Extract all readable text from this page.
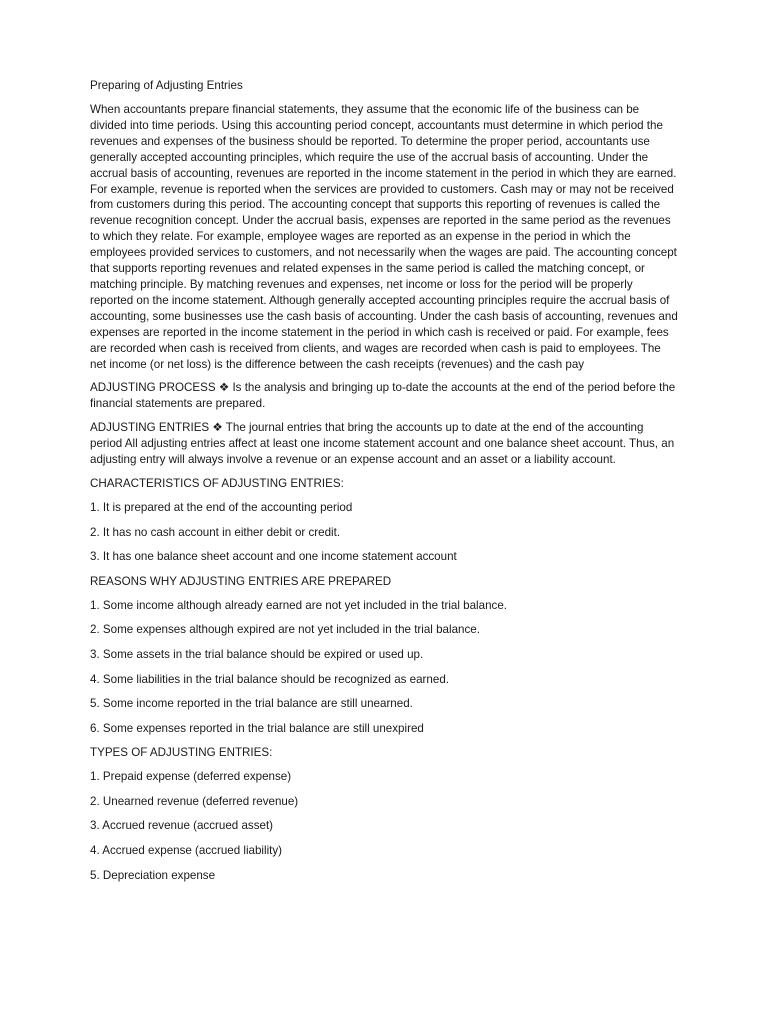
Preparing of Adjusting Entries

When accountants prepare financial statements, they assume that the economic life of the business can be divided into time periods. Using this accounting period concept, accountants must determine in which period the revenues and expenses of the business should be reported. To determine the proper period, accountants use generally accepted accounting principles, which require the use of the accrual basis of accounting. Under the accrual basis of accounting, revenues are reported in the income statement in the period in which they are earned. For example, revenue is reported when the services are provided to customers. Cash may or may not be received from customers during this period. The accounting concept that supports this reporting of revenues is called the revenue recognition concept. Under the accrual basis, expenses are reported in the same period as the revenues to which they relate. For example, employee wages are reported as an expense in the period in which the employees provided services to customers, and not necessarily when the wages are paid. The accounting concept that supports reporting revenues and related expenses in the same period is called the matching concept, or matching principle. By matching revenues and expenses, net income or loss for the period will be properly reported on the income statement. Although generally accepted accounting principles require the accrual basis of accounting, some businesses use the cash basis of accounting. Under the cash basis of accounting, revenues and expenses are reported in the income statement in the period in which cash is received or paid. For example, fees are recorded when cash is received from clients, and wages are recorded when cash is paid to employees. The net income (or net loss) is the difference between the cash receipts (revenues) and the cash pay

ADJUSTING PROCESS ❖ Is the analysis and bringing up to-date the accounts at the end of the period before the financial statements are prepared.

ADJUSTING ENTRIES ❖ The journal entries that bring the accounts up to date at the end of the accounting period All adjusting entries affect at least one income statement account and one balance sheet account. Thus, an adjusting entry will always involve a revenue or an expense account and an asset or a liability account.

CHARACTERISTICS OF ADJUSTING ENTRIES:

1. It is prepared at the end of the accounting period
2. It has no cash account in either debit or credit.
3. It has one balance sheet account and one income statement account

REASONS WHY ADJUSTING ENTRIES ARE PREPARED

1. Some income although already earned are not yet included in the trial balance.
2. Some expenses although expired are not yet included in the trial balance.
3. Some assets in the trial balance should be expired or used up.
4. Some liabilities in the trial balance should be recognized as earned.
5. Some income reported in the trial balance are still unearned.
6. Some expenses reported in the trial balance are still unexpired

TYPES OF ADJUSTING ENTRIES:

1. Prepaid expense (deferred expense)
2. Unearned revenue (deferred revenue)
3. Accrued revenue (accrued asset)
4. Accrued expense (accrued liability)
5. Depreciation expense
